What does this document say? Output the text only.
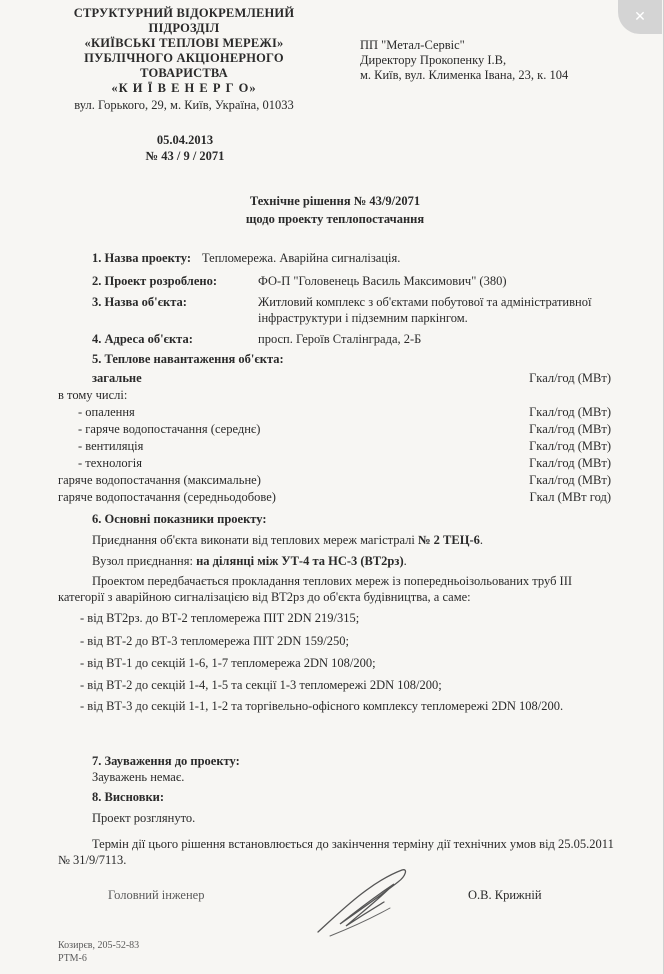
СТРУКТУРНИЙ ВІДОКРЕМЛЕНИЙ
ПІДРОЗДІЛ
«КИЇВСЬКІ ТЕПЛОВІ МЕРЕЖІ»
ПУБЛІЧНОГО АКЦІОНЕРНОГО
ТОВАРИСТВА
«К И Ї В Е Н Е Р Г О»
вул. Горького, 29, м. Київ, Україна, 01033
ПП "Метал-Сервіс"
Директору Прокопенку І.В,
м. Київ, вул. Клименка Івана, 23, к. 104
05.04.2013
№ 43 / 9 / 2071
Технічне рішення № 43/9/2071
щодо проекту теплопостачання
1. Назва проекту: Тепломережа. Аварійна сигналізація.
2. Проект розроблено:	ФО-П "Головенець Василь Максимович" (380)
3. Назва об'єкта:	Житловий комплекс з об'єктами побутової та адміністративної
інфраструктури і підземним паркінгом.
4. Адреса об'єкта:	просп. Героїв Сталінграда, 2-Б
5. Теплове навантаження об'єкта:
загальне	Гкал/год (МВт)
в тому числі:
- опалення	Гкал/год (МВт)
- гаряче водопостачання (середнє)	Гкал/год (МВт)
- вентиляція	Гкал/год (МВт)
- технологія	Гкал/год (МВт)
гаряче водопостачання (максимальне)	Гкал/год (МВт)
гаряче водопостачання (середньодобове)	Гкал (МВт год)
6. Основні показники проекту:
Приєднання об'єкта виконати від теплових мереж магістралі № 2 ТЕЦ-6.
Вузол приєднання: на ділянці між УТ-4 та НС-3 (ВТ2рз).
Проектом передбачається прокладання теплових мереж із попередньоізольованих труб III
категорії з аварійною сигналізацією від ВТ2рз до об'єкта будівництва, а саме:
- від ВТ2рз. до ВТ-2 тепломережа ПІТ 2DN 219/315;
- від ВТ-2 до ВТ-3 тепломережа ПІТ 2DN 159/250;
- від ВТ-1 до секцій 1-6, 1-7 тепломережа 2DN 108/200;
- від ВТ-2 до секцій 1-4, 1-5 та секції 1-3 тепломережі 2DN 108/200;
- від ВТ-3 до секцій 1-1, 1-2 та торгівельно-офісного комплексу тепломережі 2DN 108/200.
7. Зауваження до проекту:
Зауважень немає.
8. Висновки:
Проект розглянуто.
Термін дії цього рішення встановлюється до закінчення терміну дії технічних умов від 25.05.2011
№ 31/9/7113.
Головний інженер	О.В. Крижній
Козирєв, 205-52-83
РТМ-6
✕
